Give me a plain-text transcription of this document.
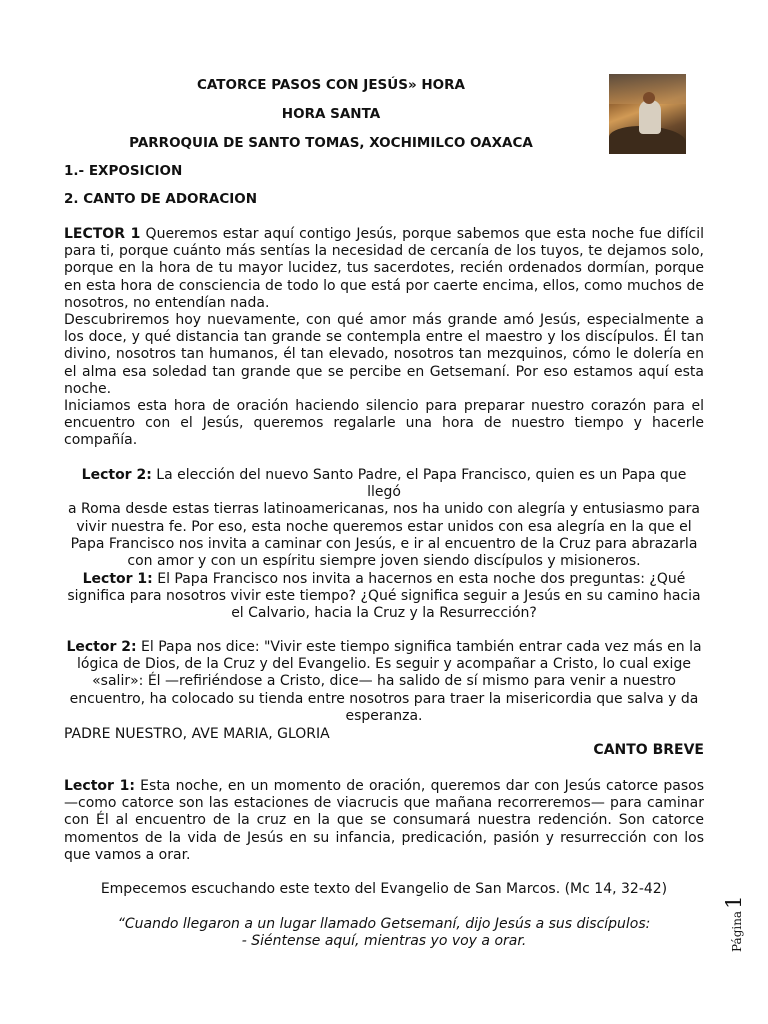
CATORCE PASOS CON JESÚS» HORA
HORA SANTA
PARROQUIA DE SANTO TOMAS, XOCHIMILCO OAXACA
1.- EXPOSICION
2. CANTO DE ADORACION
LECTOR 1 Queremos estar aquí contigo Jesús, porque sabemos que esta noche fue difícil para ti, porque cuánto más sentías la necesidad de cercanía de los tuyos, te dejamos solo, porque en la hora de tu mayor lucidez, tus sacerdotes, recién ordenados dormían, porque en esta hora de consciencia de todo lo que está por caerte encima, ellos, como muchos de nosotros, no entendían nada.
Descubriremos hoy nuevamente, con qué amor más grande amó Jesús, especialmente a los doce, y qué distancia tan grande se contempla entre el maestro y los discípulos. Él tan divino, nosotros tan humanos, él tan elevado, nosotros tan mezquinos, cómo le dolería en el alma esa soledad tan grande que se percibe en Getsemaní. Por eso estamos aquí esta noche.
Iniciamos esta hora de oración haciendo silencio para preparar nuestro corazón para el encuentro con el Jesús, queremos regalarle una hora de nuestro tiempo y hacerle compañía.
Lector 2: La elección del nuevo Santo Padre, el Papa Francisco, quien es un Papa que llegó
a Roma desde estas tierras latinoamericanas, nos ha unido con alegría y entusiasmo para
vivir nuestra fe. Por eso, esta noche queremos estar unidos con esa alegría en la que el
Papa Francisco nos invita a caminar con Jesús, e ir al encuentro de la Cruz para abrazarla
con amor y con un espíritu siempre joven siendo discípulos y misioneros.
Lector 1: El Papa Francisco nos invita a hacernos en esta noche dos preguntas: ¿Qué
significa para nosotros vivir este tiempo? ¿Qué significa seguir a Jesús en su camino hacia
el Calvario, hacia la Cruz y la Resurrección?
Lector 2: El Papa nos dice: "Vivir este tiempo significa también entrar cada vez más en la
lógica de Dios, de la Cruz y del Evangelio. Es seguir y acompañar a Cristo, lo cual exige
«salir»: Él —refiriéndose a Cristo, dice— ha salido de sí mismo para venir a nuestro
encuentro, ha colocado su tienda entre nosotros para traer la misericordia que salva y da
esperanza.
PADRE NUESTRO, AVE MARIA, GLORIA
CANTO BREVE
Lector 1: Esta noche, en un momento de oración, queremos dar con Jesús catorce pasos —como catorce son las estaciones de viacrucis que mañana recorreremos— para caminar con Él al encuentro de la cruz en la que se consumará nuestra redención. Son catorce momentos de la vida de Jesús en su infancia, predicación, pasión y resurrección con los que vamos a orar.
Empecemos escuchando este texto del Evangelio de San Marcos. (Mc 14, 32-42)
“Cuando llegaron a un lugar llamado Getsemaní, dijo Jesús a sus discípulos:
- Siéntense aquí, mientras yo voy a orar.	Página1
